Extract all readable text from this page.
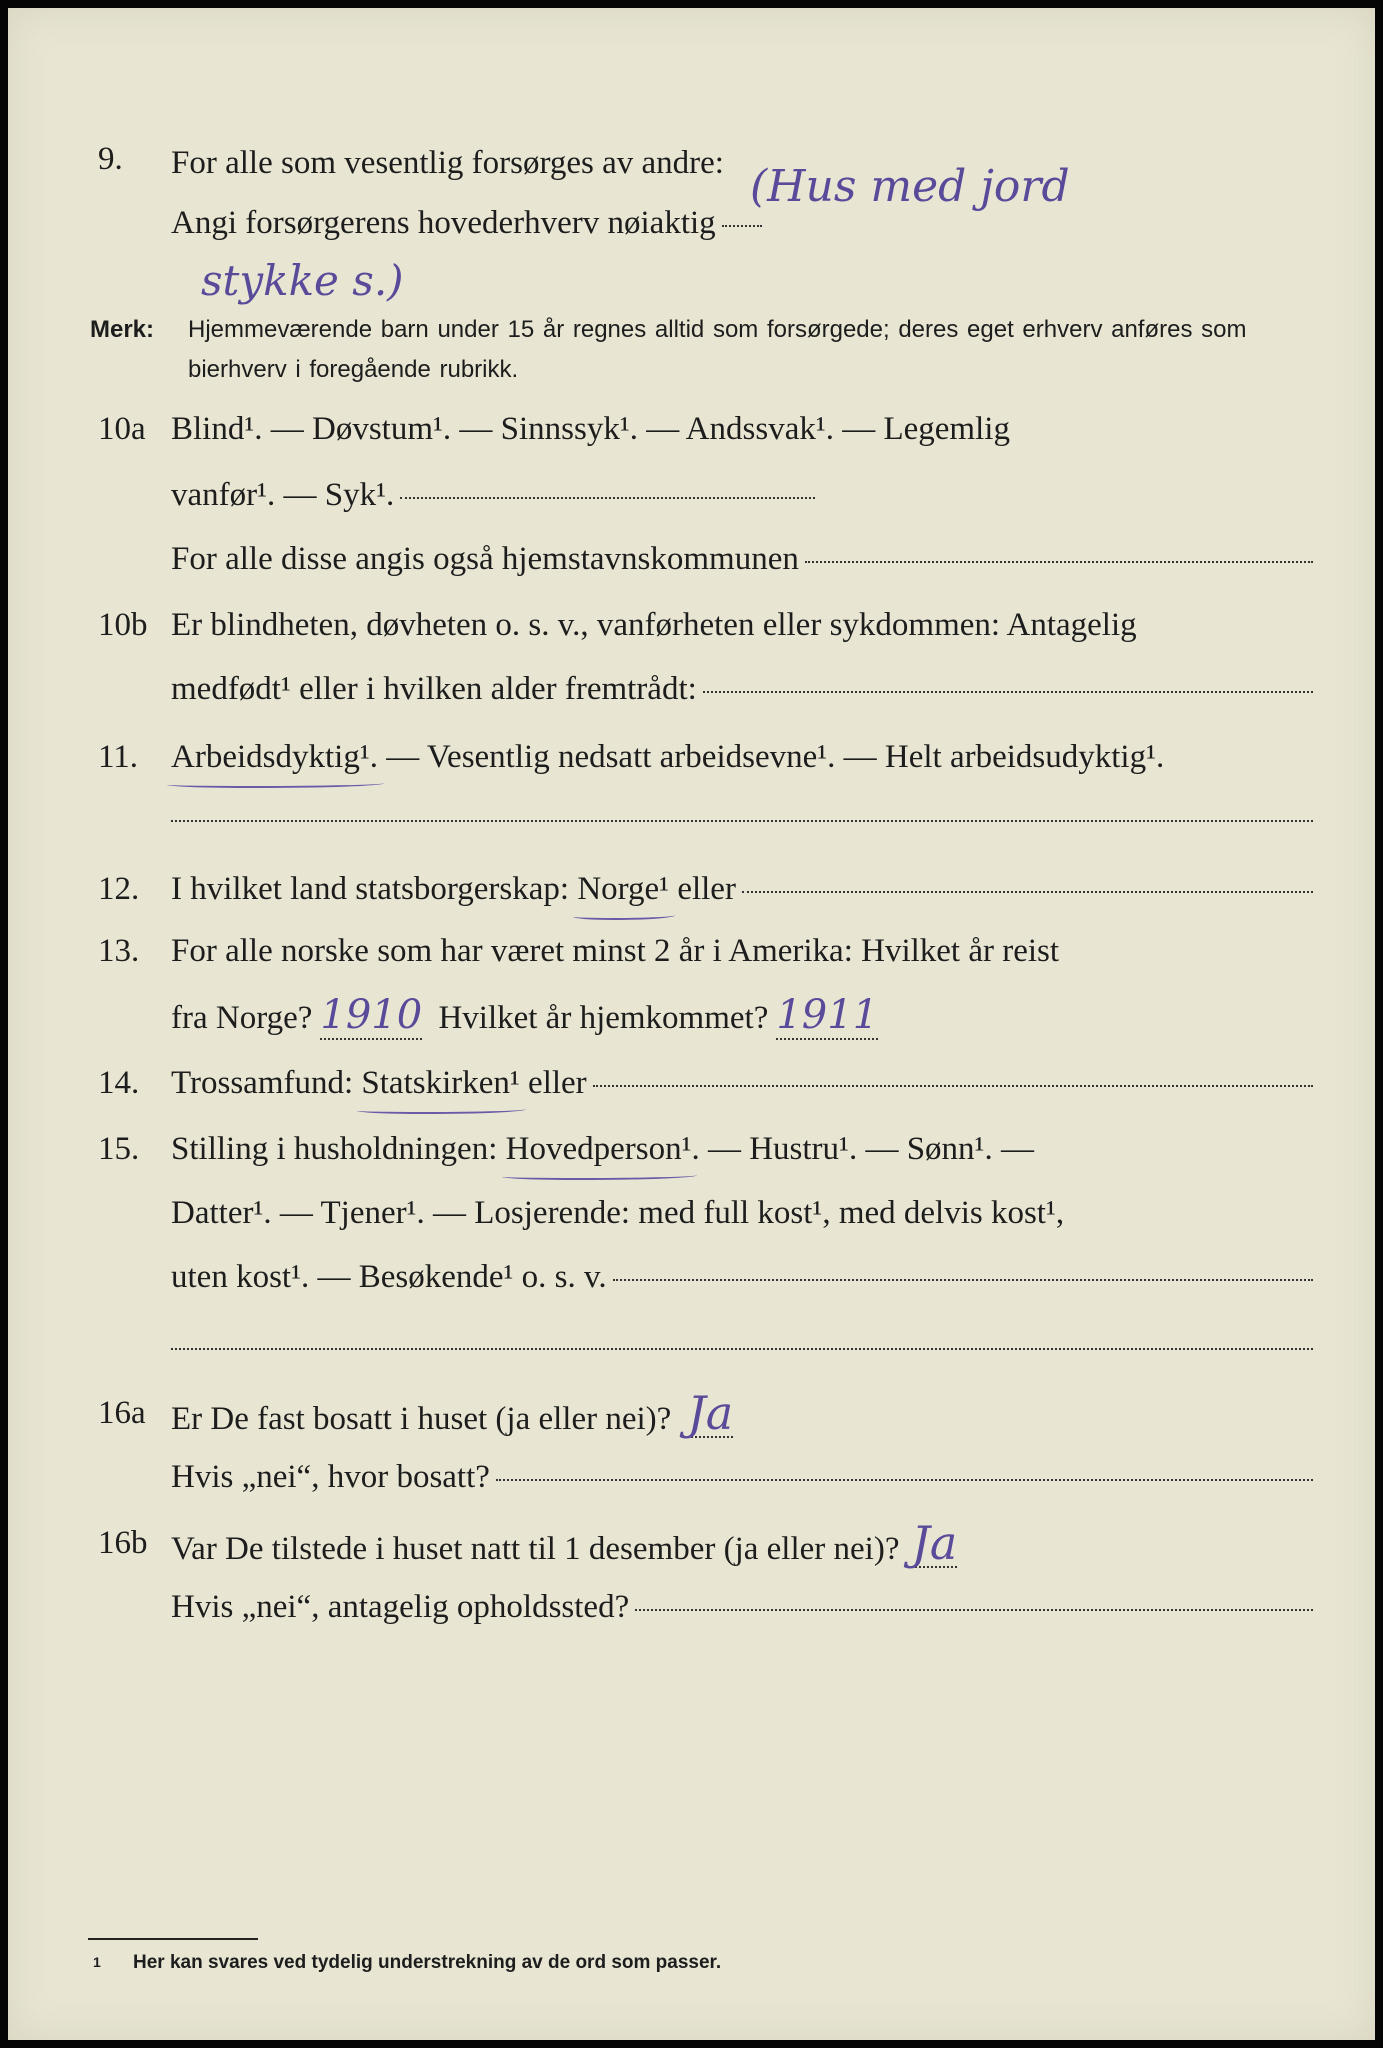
9. For alle som vesentlig forsørges av andre: (Hus med jord
Angi forsørgerens hovederhverv nøiaktig
stykke s.)
Merk: Hjemmeværende barn under 15 år regnes alltid som forsørgede; deres eget erhverv anføres som bierhverv i foregående rubrikk.
10a Blind¹. — Døvstum¹. — Sinnssyk¹. — Andssvak¹. — Legemlig
vanfør¹. — Syk¹.
For alle disse angis også hjemstavnskommunen
10b Er blindheten, døvheten o. s. v., vanførheten eller sykdommen: Antagelig
medfødt¹ eller i hvilken alder fremtrådt:
11. Arbeidsdyktig¹. — Vesentlig nedsatt arbeidsevne¹. — Helt arbeidsudyktig¹.
12. I hvilket land statsborgerskap: Norge¹ eller
13. For alle norske som har været minst 2 år i Amerika: Hvilket år reist
fra Norge? 1910 Hvilket år hjemkommet? 1911
14. Trossamfund: Statskirken¹ eller
15. Stilling i husholdningen: Hovedperson¹ . — Hustru¹. — Sønn¹. —
Datter¹. — Tjener¹. — Losjerende: med full kost¹, med delvis kost¹,
uten kost¹. — Besøkende¹ o. s. v.
16a Er De fast bosatt i huset (ja eller nei)? Ja
Hvis „nei“, hvor bosatt?
16b Var De tilstede i huset natt til 1 desember (ja eller nei)? Ja
Hvis „nei“, antagelig opholdssted?
1 Her kan svares ved tydelig understrekning av de ord som passer.
